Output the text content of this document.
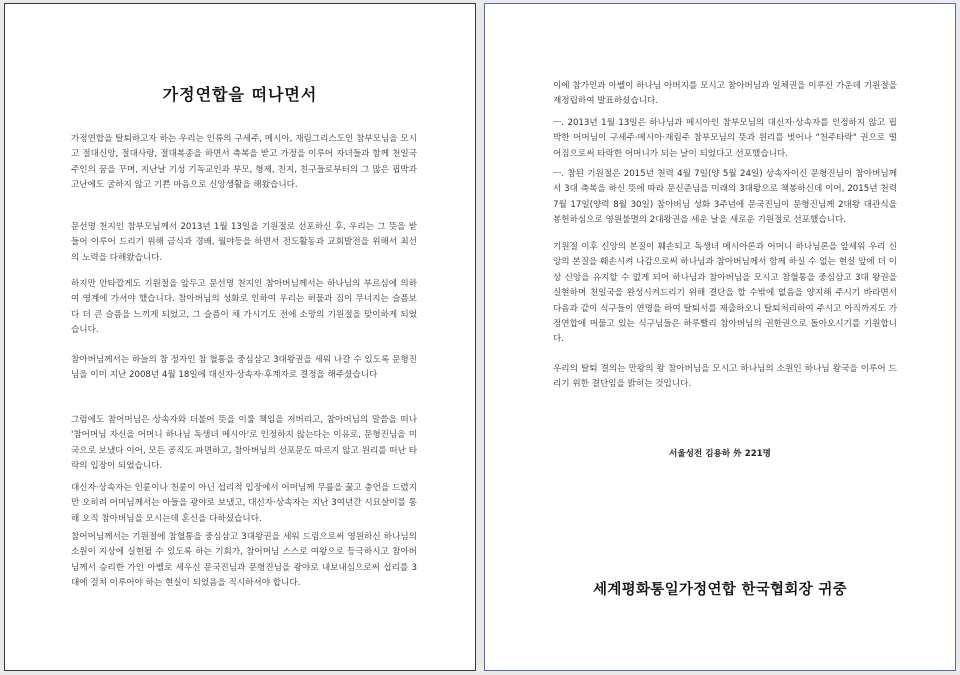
가정연합을 떠나면서

가정연합을 탈퇴하고자 하는 우리는 인류의 구세주, 메시아, 재림그리스도인 참부모님을 모시고 절대신앙, 절대사랑, 절대복종을 하면서 축복을 받고 가정을 이루어 자녀들과 함께 천일국 주인의 꿈을 꾸며, 지난날 기성 기독교인과 부모, 형제, 친지, 친구들로부터의 그 많은 핍박과 고난에도 굴하지 않고 기쁜 마음으로 신앙생활을 해왔습니다.

문선명 천지인 참부모님께서 2013년 1월 13일을 기원절로 선포하신 후, 우리는 그 뜻을 받들어 이루어 드리기 위해 금식과 경배, 월야등을 하면서 전도활동과 교회발전을 위해서 최선의 노력을 다해왔습니다.

하지만 안타깝게도 기원절을 앞두고 문선명 천지인 참아버님께서는 하나님의 부르심에 의하여 영계에 가셔야 했습니다. 참아버님의 성화로 인하여 우리는 허물과 짐이 무너지는 슬픔보다 더 큰 슬픔을 느끼게 되었고, 그 슬픔이 채 가시기도 전에 소망의 기원절을 맞이하게 되었습니다.

참아버님께서는 하늘의 참 정자인 참 혈통을 중심삼고 3대왕권을 세워 나갈 수 있도록 문형진님을 이미 지난 2008년 4월 18일에 대신자·상속자·후계자로 결정을 해주셨습니다

그럼에도 참어머님은 상속자와 더불어 뜻을 이룰 책임을 저버리고, 참아버님의 말씀을 떠나 '참어머님 자신을 어머니 하나님 독생녀 메시아'로 인정하지 않는다는 이유로, 문형진님을 미국으로 보냈다 이어, 모든 공직도 파면하고, 참아버님의 선포문도 따르지 않고 원리를 떠난 타락의 입장이 되었습니다.

대신자·상속자는 인륜이나 천륜이 아닌 섭리적 입장에서 어머님께 무릎을 꿇고 충언을 드렸지만 오히려 어머님께서는 아들을 광야로 보냈고, 대신자·상속자는 지난 3여년간 시묘살이를 통해 오직 참아버님을 모시는데 혼신을 다하셨습니다.

참어머님께서는 기원절에 참혈통을 중심삼고 3대왕권을 세워 드림으로써 영원하신 하나님의 소원이 지상에 실현될 수 있도록 하는 기회가, 참어머님 스스로 여왕으로 등극하시고 참아버님께서 승리한 가인 아벨로 세우신 문국진님과 문형진님을 광야로 내보내심으로써 섭리를 3대에 걸쳐 이루어야 하는 현실이 되었음을 직시하셔야 합니다.

이에 참가인과 아벨이 하나님 아버지를 모시고 참아버님과 일체권을 이루신 가운데 기원절을 재정립하여 발표하셨습니다.

ㅡ. 2013년 1월 13일은 하나님과 메시아인 참부모님의 대신자·상속자를 인정하지 않고 핍박한 어머님이 구세주·메시아·재림주 참부모님의 뜻과 원리를 벗어나 "천주타락" 권으로 떨어짐으로써 타락한 어머니가 되는 날이 되었다고 선포했습니다.

ㅡ. 참된 기원절은 2015년 천력 4월 7일(양 5월 24일) 상속자이신 문형진님이 참아버님께서 3대 축복을 하신 뜻에 따라 문신준님을 미래의 3대왕으로 책봉하신데 이어, 2015년 천력 7월 17일(양력 8월 30일) 참아버님 성화 3주년에 문국진님이 문형진님께 2대왕 대관식을 봉헌하심으로 영원불멸의 2대왕권을 세운 날을 새로운 기원절로 선포했습니다.

기원절 이후 신앙의 본질이 훼손되고 독생녀 메시아론과 어머니 하나님론을 앞세워 우리 신앙의 본질을 훼손시켜 나감으로써 하나님과 참아버님께서 함께 하실 수 없는 현실 앞에 더 이상 신앙을 유지할 수 없게 되어 하나님과 참아버님을 모시고 참혈통을 중심삼고 3대 왕권을 실현하며 천일국을 완성시켜드리기 위해 결단을 할 수밖에 없음을 양지해 주시기 바라면서 다음과 같이 식구들이 연명을 하여 탈퇴서를 제출하오니 탈퇴처리하여 주시고 아직까지도 가정연합에 머물고 있는 식구님들은 하루빨리 참아버님의 권한권으로 돌아오시기를 기원합니다.

우리의 탈퇴 결의는 만왕의 왕 참아버님을 모시고 하나님의 소원인 하나님 왕국을 이루어 드리기 위한 결단임을 밝히는 것입니다.

서울성전 김용하 外 221명
세계평화통일가정연합 한국협회장 귀중
